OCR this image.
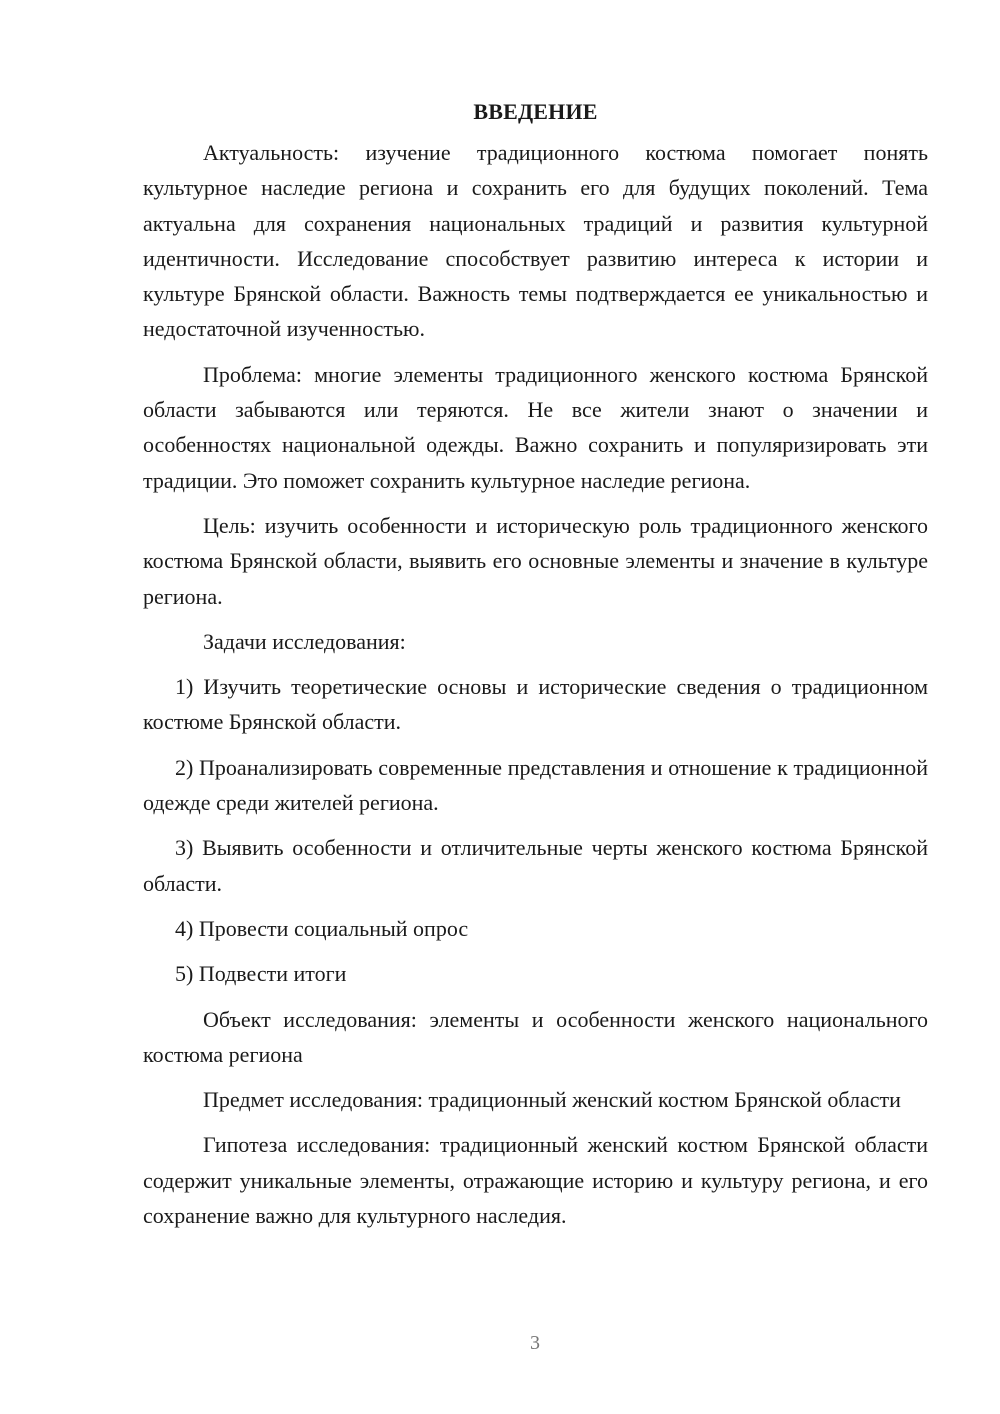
ВВЕДЕНИЕ

Актуальность: изучение традиционного костюма помогает понять культурное наследие региона и сохранить его для будущих поколений. Тема актуальна для сохранения национальных традиций и развития культурной идентичности. Исследование способствует развитию интереса к истории и культуре Брянской области. Важность темы подтверждается ее уникальностью и недостаточной изученностью.

Проблема: многие элементы традиционного женского костюма Брянской области забываются или теряются. Не все жители знают о значении и особенностях национальной одежды. Важно сохранить и популяризировать эти традиции. Это поможет сохранить культурное наследие региона.

Цель: изучить особенности и историческую роль традиционного женского костюма Брянской области, выявить его основные элементы и значение в культуре региона.

Задачи исследования:

1) Изучить теоретические основы и исторические сведения о традиционном костюме Брянской области.

2) Проанализировать современные представления и отношение к традиционной одежде среди жителей региона.

3) Выявить особенности и отличительные черты женского костюма Брянской области.

4) Провести социальный опрос

5) Подвести итоги

Объект исследования: элементы и особенности женского национального костюма региона

Предмет исследования: традиционный женский костюм Брянской области

Гипотеза исследования: традиционный женский костюм Брянской области содержит уникальные элементы, отражающие историю и культуру региона, и его сохранение важно для культурного наследия.

3
